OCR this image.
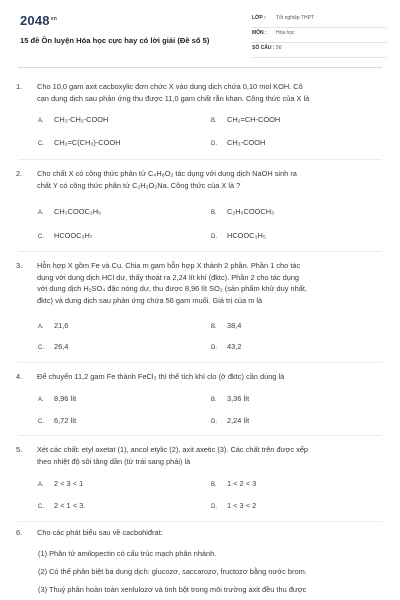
$2048^{vn}$
15 đề Ôn luyện Hóa học cực hay có lời giải (Đề số 5)
LỚP : Tốt nghiệp THPT
MÔN : Hóa học
SỐ CÂU : 50
1. Cho 10,0 gam axit cacboxylic đơn chức X vào dung dịch chứa 0,10 mol KOH. Cô

cạn dung dịch sau phản ứng thu được 11,0 gam chất rắn khan. Công thức của X là

A. CH₃-CH₂-COOH	B. CH₂=CH-COOH
C. CH₂=C(CH₃)-COOH	D. CH₃-COOH
2. Cho chất X có công thức phân tử C₄H₈O₂ tác dụng với dung dịch NaOH sinh ra

chất Y có công thức phân tử C₂H₃O₂Na. Công thức của X là ?

A. CH₃COOC₂H₅	B. C₂H₅COOCH₃
C. HCOOC₃H₇	D. HCOOC₃H₅
3. Hỗn hợp X gồm Fe và Cu. Chia m gam hỗn hợp X thành 2 phần. Phần 1 cho tác

dụng với dung dịch HCl dư, thấy thoát ra 2,24 lít khí (đktc). Phần 2 cho tác dụng

với dung dịch H₂SO₄ đặc nóng dư, thu được 8,96 lít SO₂ (sản phẩm khử duy nhất,

đktc) và dung dịch sau phản ứng chứa 56 gam muối. Giá trị của m là

A. 21,6	B. 38,4
C. 26,4	D. 43,2
4. Để chuyển 11,2 gam Fe thành FeCl₃ thì thể tích khí clo (ở đktc) cần dùng là

A. 8,96 lít	B. 3,36 lít
C. 6,72 lít	D. 2,24 lít
5. Xét các chất: etyl axetat (1), ancol etylic (2), axit axetic (3). Các chất trên được xếp

theo nhiệt độ sôi tăng dần (từ trái sang phải) là

A. 2 < 3 < 1	B. 1 < 2 < 3
C. 2 < 1 < 3.	D. 1 < 3 < 2
6. Cho các phát biểu sau về cacbohiđrat:

(1) Phân tử amilopectin có cấu trúc mạch phân nhánh.
(2) Có thể phân biệt ba dung dịch: glucozơ, saccarozơ, fructozơ bằng nước brom.
(3) Thuỷ phân hoàn toàn xenlulozơ và tinh bột trong môi trường axit đều thu được
